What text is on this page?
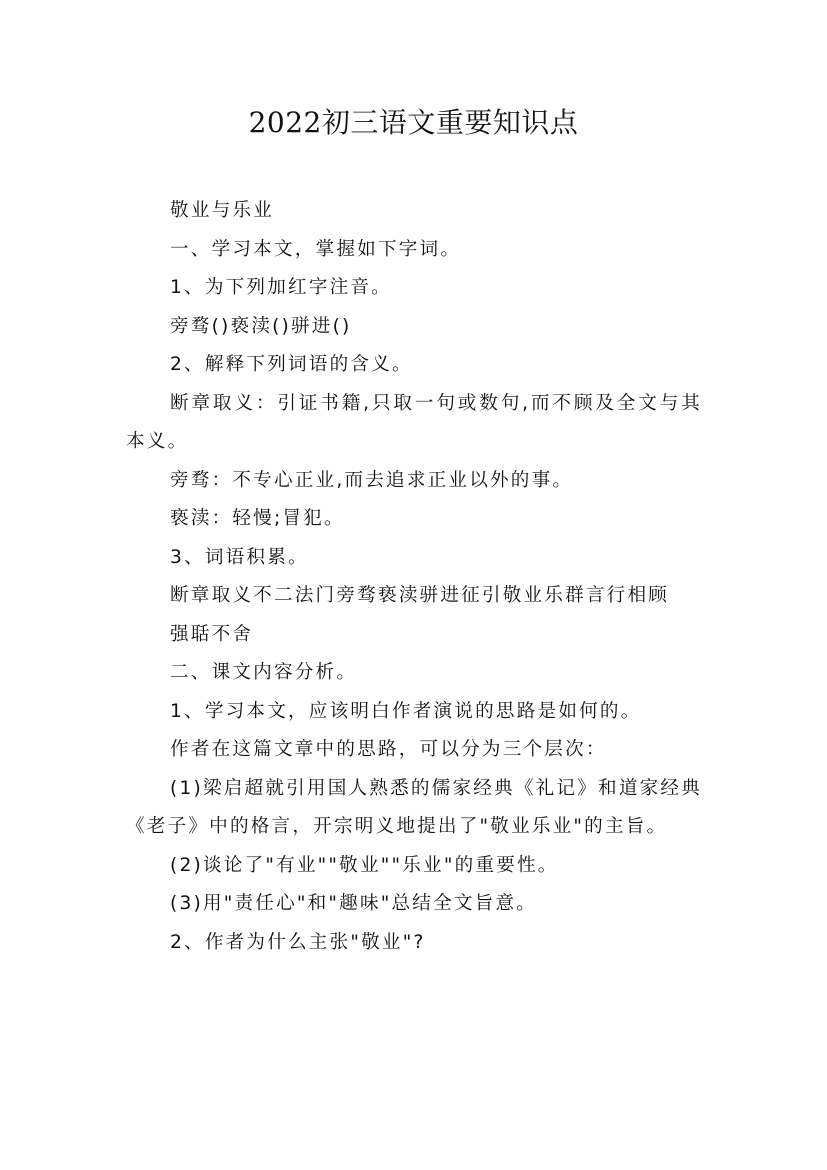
2022初三语文重要知识点

敬业与乐业

一、学习本文，掌握如下字词。

1、为下列加红字注音。

旁骛()亵渎()骈进()

2、解释下列词语的含义。

断章取义：引证书籍,只取一句或数句,而不顾及全文与其本义。

旁骛：不专心正业,而去追求正业以外的事。

亵渎：轻慢;冒犯。

3、词语积累。

断章取义不二法门旁骛亵渎骈进征引敬业乐群言行相顾

强聒不舍

二、课文内容分析。

1、学习本文，应该明白作者演说的思路是如何的。

作者在这篇文章中的思路，可以分为三个层次：

(1)梁启超就引用国人熟悉的儒家经典《礼记》和道家经典《老子》中的格言，开宗明义地提出了"敬业乐业"的主旨。

(2)谈论了"有业""敬业""乐业"的重要性。

(3)用"责任心"和"趣味"总结全文旨意。

2、作者为什么主张"敬业"?
